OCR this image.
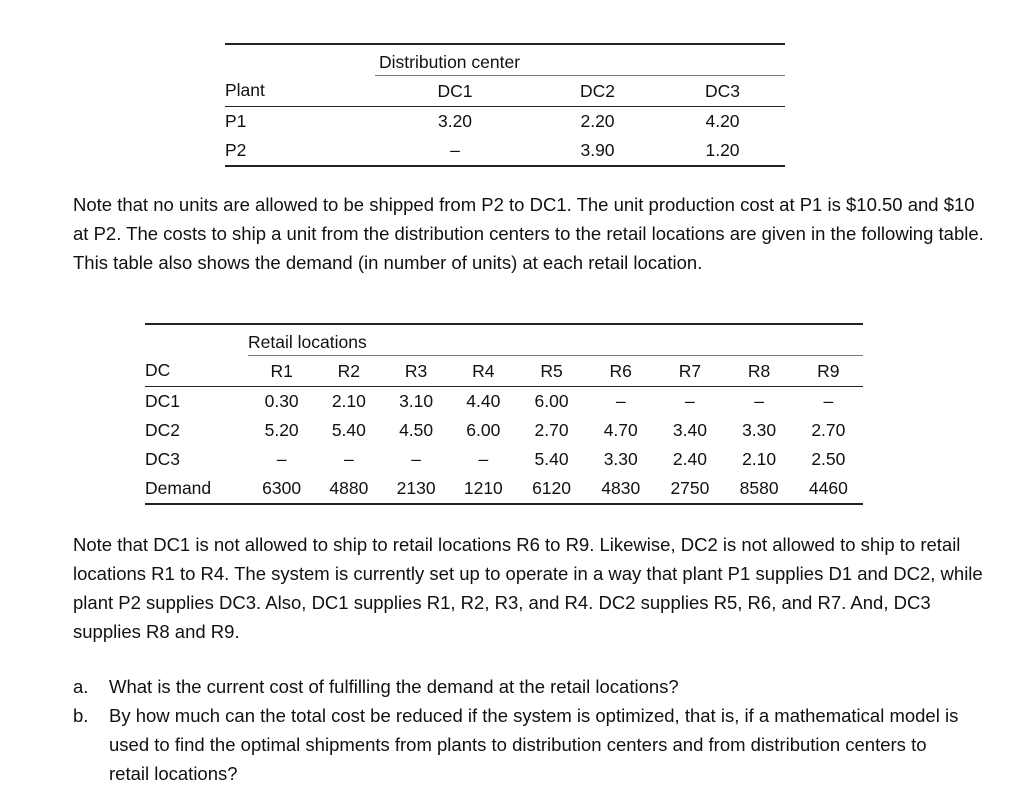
	Distribution center		
Plant	DC1	DC2	DC3
P1	3.20	2.20	4.20
P2	–	3.90	1.20
Note that no units are allowed to be shipped from P2 to DC1. The unit production cost at P1 is $10.50 and $10 at P2. The costs to ship a unit from the distribution centers to the retail locations are given in the following table. This table also shows the demand (in number of units) at each retail location.
	Retail locations								
DC	R1	R2	R3	R4	R5	R6	R7	R8	R9
DC1	0.30	2.10	3.10	4.40	6.00	–	–	–	–
DC2	5.20	5.40	4.50	6.00	2.70	4.70	3.40	3.30	2.70
DC3	–	–	–	–	5.40	3.30	2.40	2.10	2.50
Demand	6300	4880	2130	1210	6120	4830	2750	8580	4460
Note that DC1 is not allowed to ship to retail locations R6 to R9. Likewise, DC2 is not allowed to ship to retail locations R1 to R4. The system is currently set up to operate in a way that plant P1 supplies D1 and DC2, while plant P2 supplies DC3. Also, DC1 supplies R1, R2, R3, and R4. DC2 supplies R5, R6, and R7. And, DC3 supplies R8 and R9.
a. What is the current cost of fulfilling the demand at the retail locations?
b. By how much can the total cost be reduced if the system is optimized, that is, if a mathematical model is used to find the optimal shipments from plants to distribution centers and from distribution centers to retail locations?
